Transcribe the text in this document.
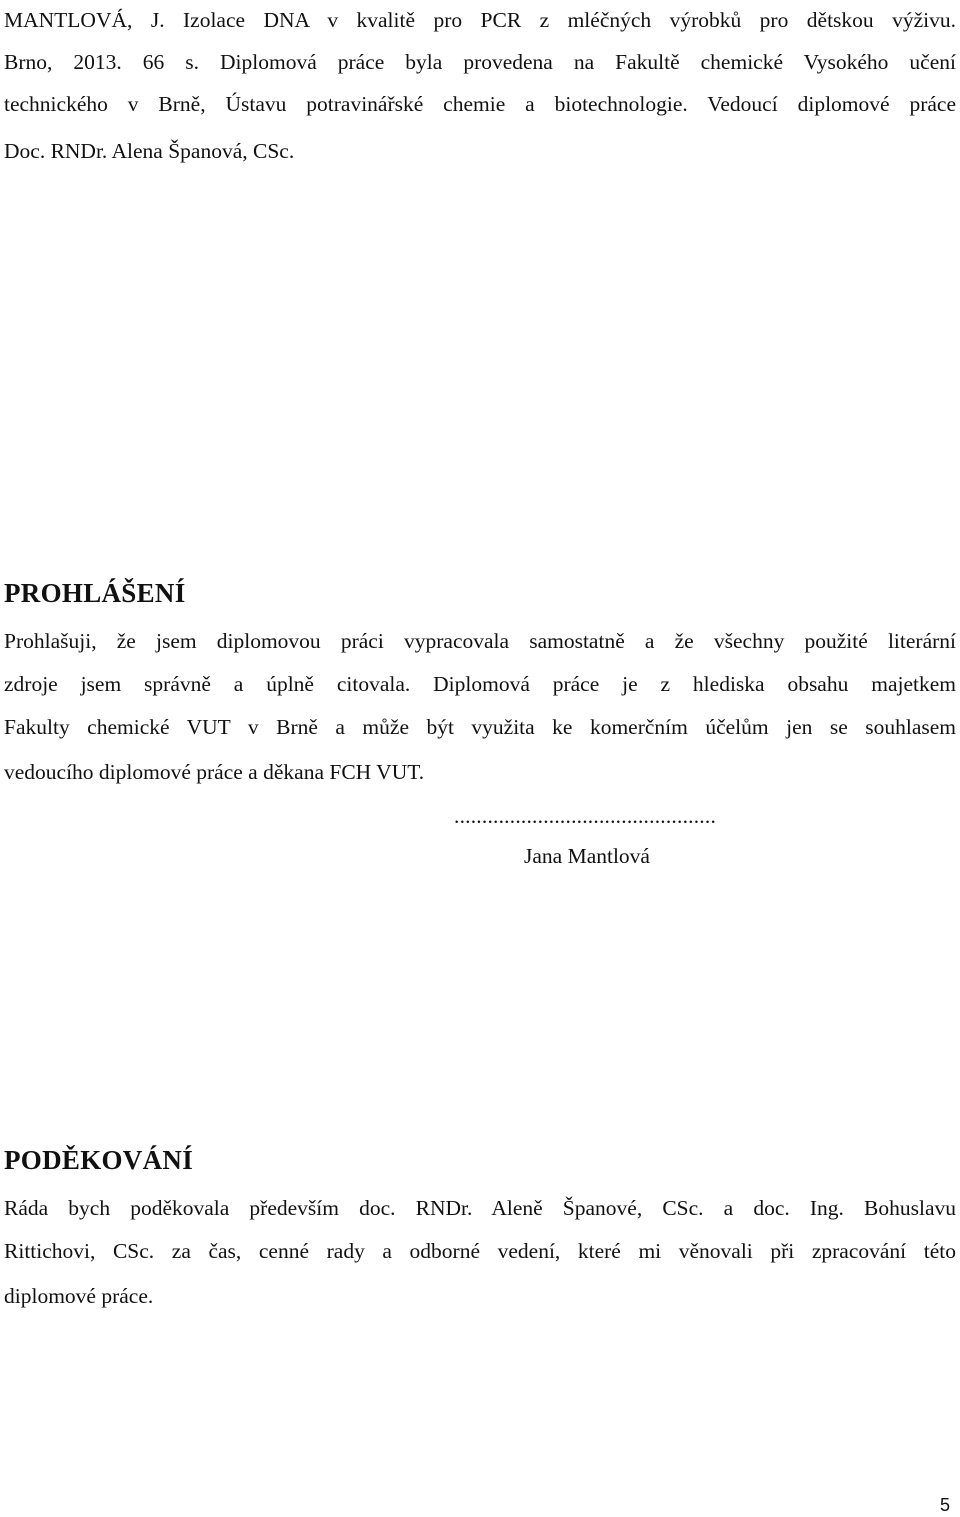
MANTLOVÁ, J. Izolace DNA v kvalitě pro PCR z mléčných výrobků pro dětskou výživu.
Brno, 2013. 66 s. Diplomová práce byla provedena na Fakultě chemické Vysokého učení
technického v Brně, Ústavu potravinářské chemie a biotechnologie. Vedoucí diplomové práce
Doc. RNDr. Alena Španová, CSc.
PROHLÁŠENÍ
Prohlašuji, že jsem diplomovou práci vypracovala samostatně a že všechny použité literární
zdroje jsem správně a úplně citovala. Diplomová práce je z hlediska obsahu majetkem
Fakulty chemické VUT v Brně a může být využita ke komerčním účelům jen se souhlasem
vedoucího diplomové práce a děkana FCH VUT.
...............................................
Jana Mantlová
PODĚKOVÁNÍ
Ráda bych poděkovala především doc. RNDr. Aleně Španové, CSc. a doc. Ing. Bohuslavu
Rittichovi, CSc. za čas, cenné rady a odborné vedení, které mi věnovali při zpracování této
diplomové práce.
5
